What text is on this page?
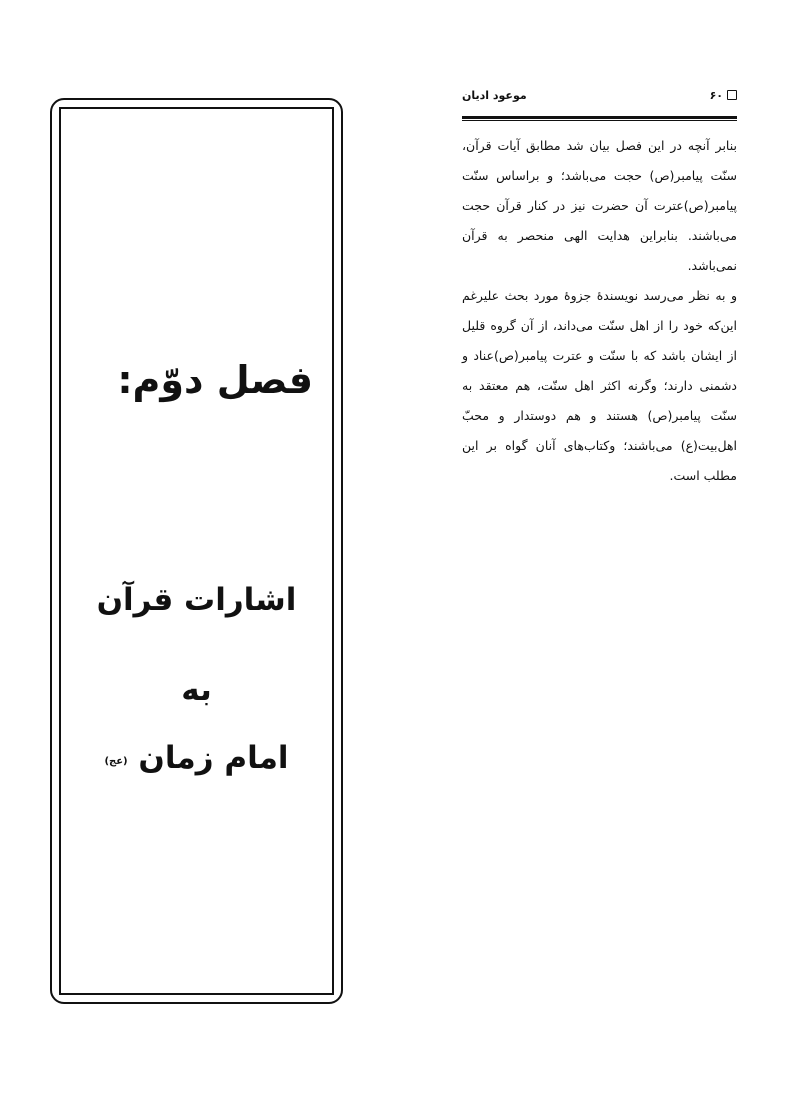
موعود ادیان	۶۰

بنابر آنچه در این فصل بیان شد مطابق آیات قرآن، سنّت پیامبر(ص) حجت می‌باشد؛ و براساس سنّت پیامبر(ص)عترت آن حضرت نیز در کنار قرآن حجت می‌باشند. بنابراین هدایت الهی منحصر به قرآن نمی‌باشد.

و به نظر می‌رسد نویسندهٔ جزوهٔ مورد بحث علیرغم این‌که خود را از اهل سنّت می‌داند، از آن گروه قلیل از ایشان باشد که با سنّت و عترت پیامبر(ص)عناد و دشمنی دارند؛ وگرنه اکثر اهل سنّت، هم معتقد به سنّت پیامبر(ص) هستند و هم دوستدار و محبّ اهل‌بیت(ع) می‌باشند؛ وکتاب‌های آنان گواه بر این مطلب است.

فصل دوّم:
اشارات قرآن
به
امام زمان (عج)
